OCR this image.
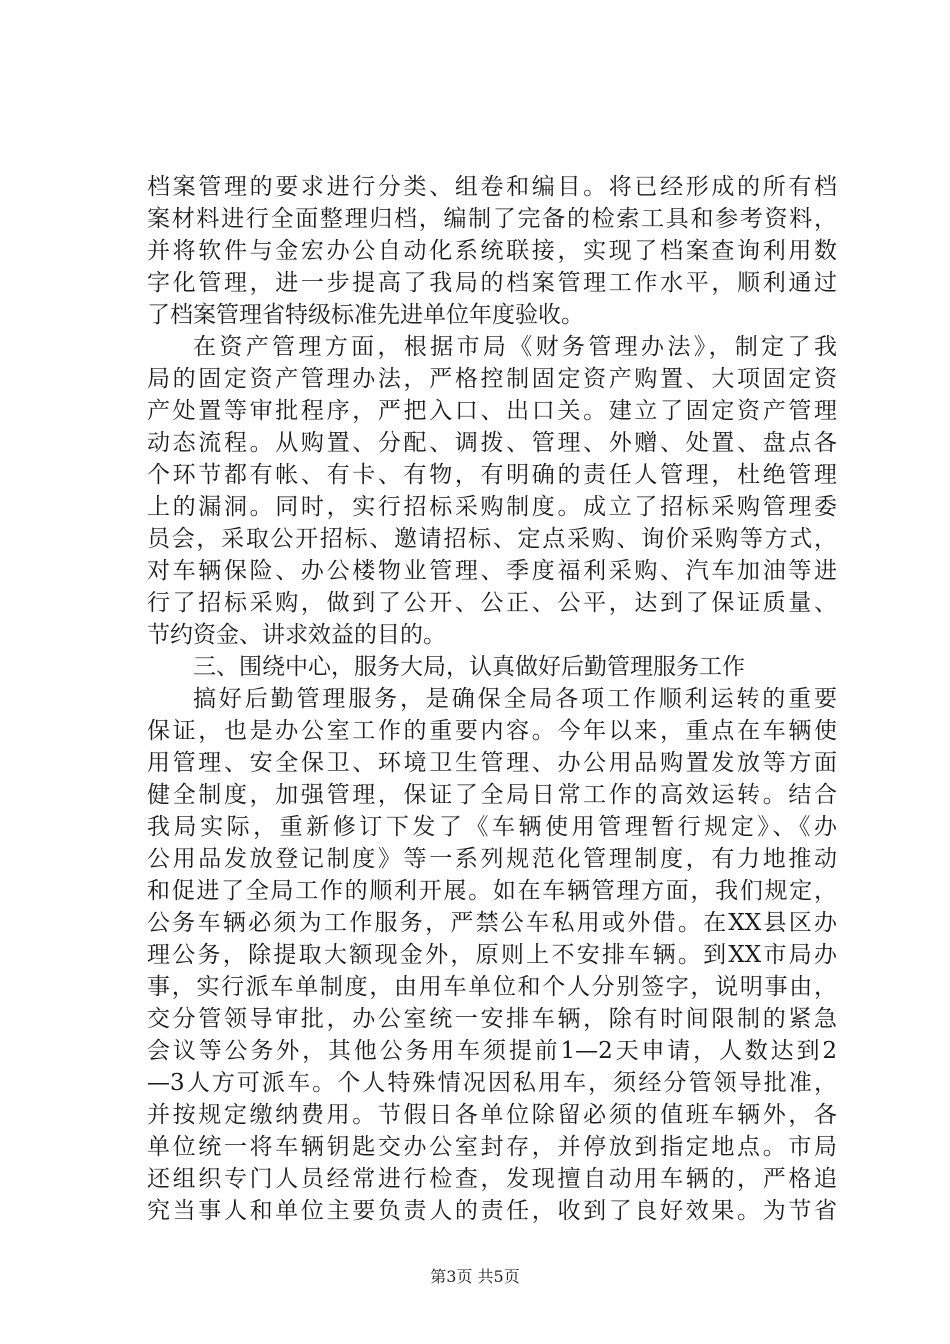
档案管理的要求进行分类、组卷和编目。将已经形成的所有档
案材料进行全面整理归档，编制了完备的检索工具和参考资料，
并将软件与金宏办公自动化系统联接，实现了档案查询利用数
字化管理，进一步提高了我局的档案管理工作水平，顺利通过
了档案管理省特级标准先进单位年度验收。
在资产管理方面，根据市局《财务管理办法》，制定了我
局的固定资产管理办法，严格控制固定资产购置、大项固定资
产处置等审批程序，严把入口、出口关。建立了固定资产管理
动态流程。从购置、分配、调拨、管理、外赠、处置、盘点各
个环节都有帐、有卡、有物，有明确的责任人管理，杜绝管理
上的漏洞。同时，实行招标采购制度。成立了招标采购管理委
员会，采取公开招标、邀请招标、定点采购、询价采购等方式，
对车辆保险、办公楼物业管理、季度福利采购、汽车加油等进
行了招标采购，做到了公开、公正、公平，达到了保证质量、
节约资金、讲求效益的目的。
三、围绕中心，服务大局，认真做好后勤管理服务工作
搞好后勤管理服务，是确保全局各项工作顺利运转的重要
保证，也是办公室工作的重要内容。今年以来，重点在车辆使
用管理、安全保卫、环境卫生管理、办公用品购置发放等方面
健全制度，加强管理，保证了全局日常工作的高效运转。结合
我局实际，重新修订下发了《车辆使用管理暂行规定》、《办
公用品发放登记制度》等一系列规范化管理制度，有力地推动
和促进了全局工作的顺利开展。如在车辆管理方面，我们规定，
公务车辆必须为工作服务，严禁公车私用或外借。在XX县区办
理公务，除提取大额现金外，原则上不安排车辆。到XX市局办
事，实行派车单制度，由用车单位和个人分别签字，说明事由，
交分管领导审批，办公室统一安排车辆，除有时间限制的紧急
会议等公务外，其他公务用车须提前1—2天申请，人数达到2
—3人方可派车。个人特殊情况因私用车，须经分管领导批准，
并按规定缴纳费用。节假日各单位除留必须的值班车辆外，各
单位统一将车辆钥匙交办公室封存，并停放到指定地点。市局
还组织专门人员经常进行检查，发现擅自动用车辆的，严格追
究当事人和单位主要负责人的责任，收到了良好效果。为节省
第3页 共5页
